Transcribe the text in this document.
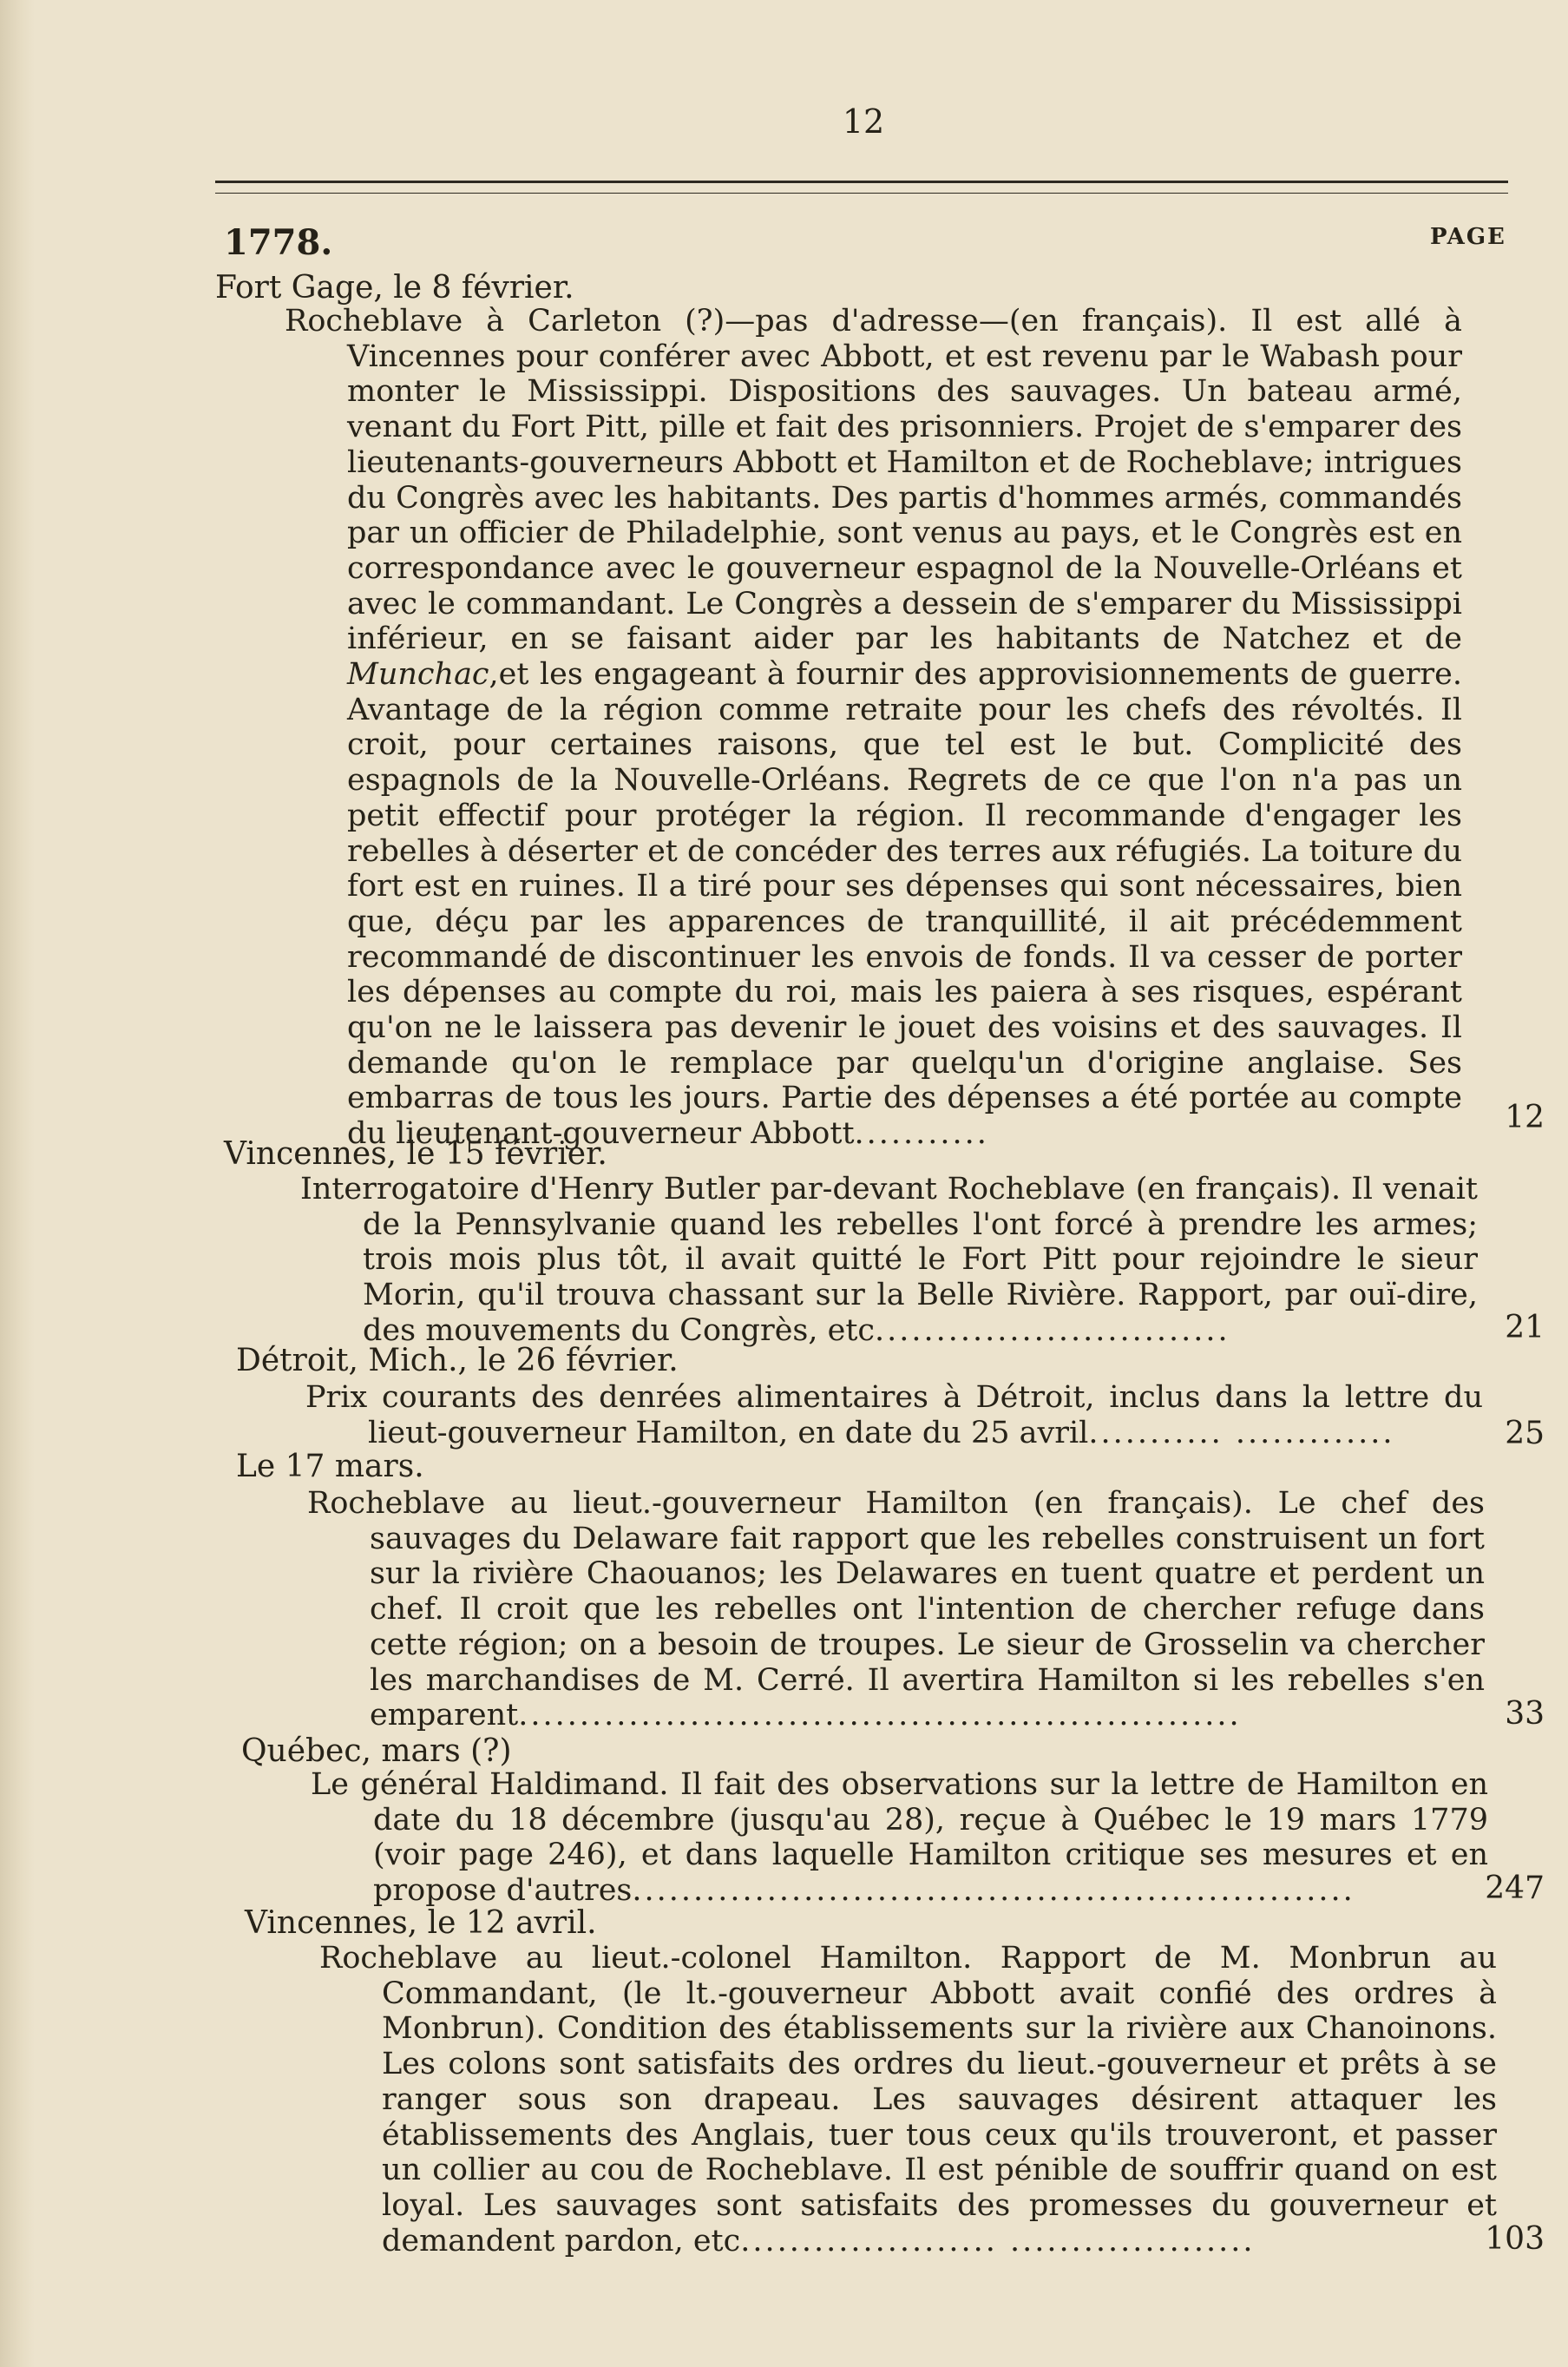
12
1778.	PAGE
Fort Gage, le 8 février.
Rocheblave à Carleton (?)—pas d'adresse—(en français). Il est allé à Vincennes pour conférer avec Abbott, et est revenu par le Wabash pour monter le Mississippi. Dispositions des sauvages. Un bateau armé, venant du Fort Pitt, pille et fait des prisonniers. Projet de s'emparer des lieutenants-gouverneurs Abbott et Hamilton et de Rocheblave; intrigues du Congrès avec les habitants. Des partis d'hommes armés, commandés par un officier de Philadelphie, sont venus au pays, et le Congrès est en correspondance avec le gouverneur espagnol de la Nouvelle-Orléans et avec le commandant. Le Congrès a dessein de s'emparer du Mississippi inférieur, en se faisant aider par les habitants de Natchez et de Munchac,et les engageant à fournir des approvisionnements de guerre. Avantage de la région comme retraite pour les chefs des révoltés. Il croit, pour certaines raisons, que tel est le but. Complicité des espagnols de la Nouvelle-Orléans. Regrets de ce que l'on n'a pas un petit effectif pour protéger la région. Il recommande d'engager les rebelles à déserter et de concéder des terres aux réfugiés. La toiture du fort est en ruines. Il a tiré pour ses dépenses qui sont nécessaires, bien que, déçu par les apparences de tranquillité, il ait précédemment recommandé de discontinuer les envois de fonds. Il va cesser de porter les dépenses au compte du roi, mais les paiera à ses risques, espérant qu'on ne le laissera pas devenir le jouet des voisins et des sauvages. Il demande qu'on le remplace par quelqu'un d'origine anglaise. Ses embarras de tous les jours. Partie des dépenses a été portée au compte du lieutenant-gouverneur Abbott...........	12
Vincennes, le 15 février.
Interrogatoire d'Henry Butler par-devant Rocheblave (en français). Il venait de la Pennsylvanie quand les rebelles l'ont forcé à prendre les armes; trois mois plus tôt, il avait quitté le Fort Pitt pour rejoindre le sieur Morin, qu'il trouva chassant sur la Belle Rivière. Rapport, par ouï-dire, des mouvements du Congrès, etc.............................	21
Détroit, Mich., le 26 février.
Prix courants des denrées alimentaires à Détroit, inclus dans la lettre du lieut-gouverneur Hamilton, en date du 25 avril........... .............	25
Le 17 mars.
Rocheblave au lieut.-gouverneur Hamilton (en français). Le chef des sauvages du Delaware fait rapport que les rebelles construisent un fort sur la rivière Chaouanos; les Delawares en tuent quatre et perdent un chef. Il croit que les rebelles ont l'intention de chercher refuge dans cette région; on a besoin de troupes. Le sieur de Grosselin va chercher les marchandises de M. Cerré. Il avertira Hamilton si les rebelles s'en emparent...........................................................	33
Québec, mars (?)
Le général Haldimand. Il fait des observations sur la lettre de Hamilton en date du 18 décembre (jusqu'au 28), reçue à Québec le 19 mars 1779 (voir page 246), et dans laquelle Hamilton critique ses mesures et en propose d'autres...........................................................	247
Vincennes, le 12 avril.
Rocheblave au lieut.-colonel Hamilton. Rapport de M. Monbrun au Commandant, (le lt.-gouverneur Abbott avait confié des ordres à Monbrun). Condition des établissements sur la rivière aux Chanoinons. Les colons sont satisfaits des ordres du lieut.-gouverneur et prêts à se ranger sous son drapeau. Les sauvages désirent attaquer les établissements des Anglais, tuer tous ceux qu'ils trouveront, et passer un collier au cou de Rocheblave. Il est pénible de souffrir quand on est loyal. Les sauvages sont satisfaits des promesses du gouverneur et demandent pardon, etc..................... ....................	103
